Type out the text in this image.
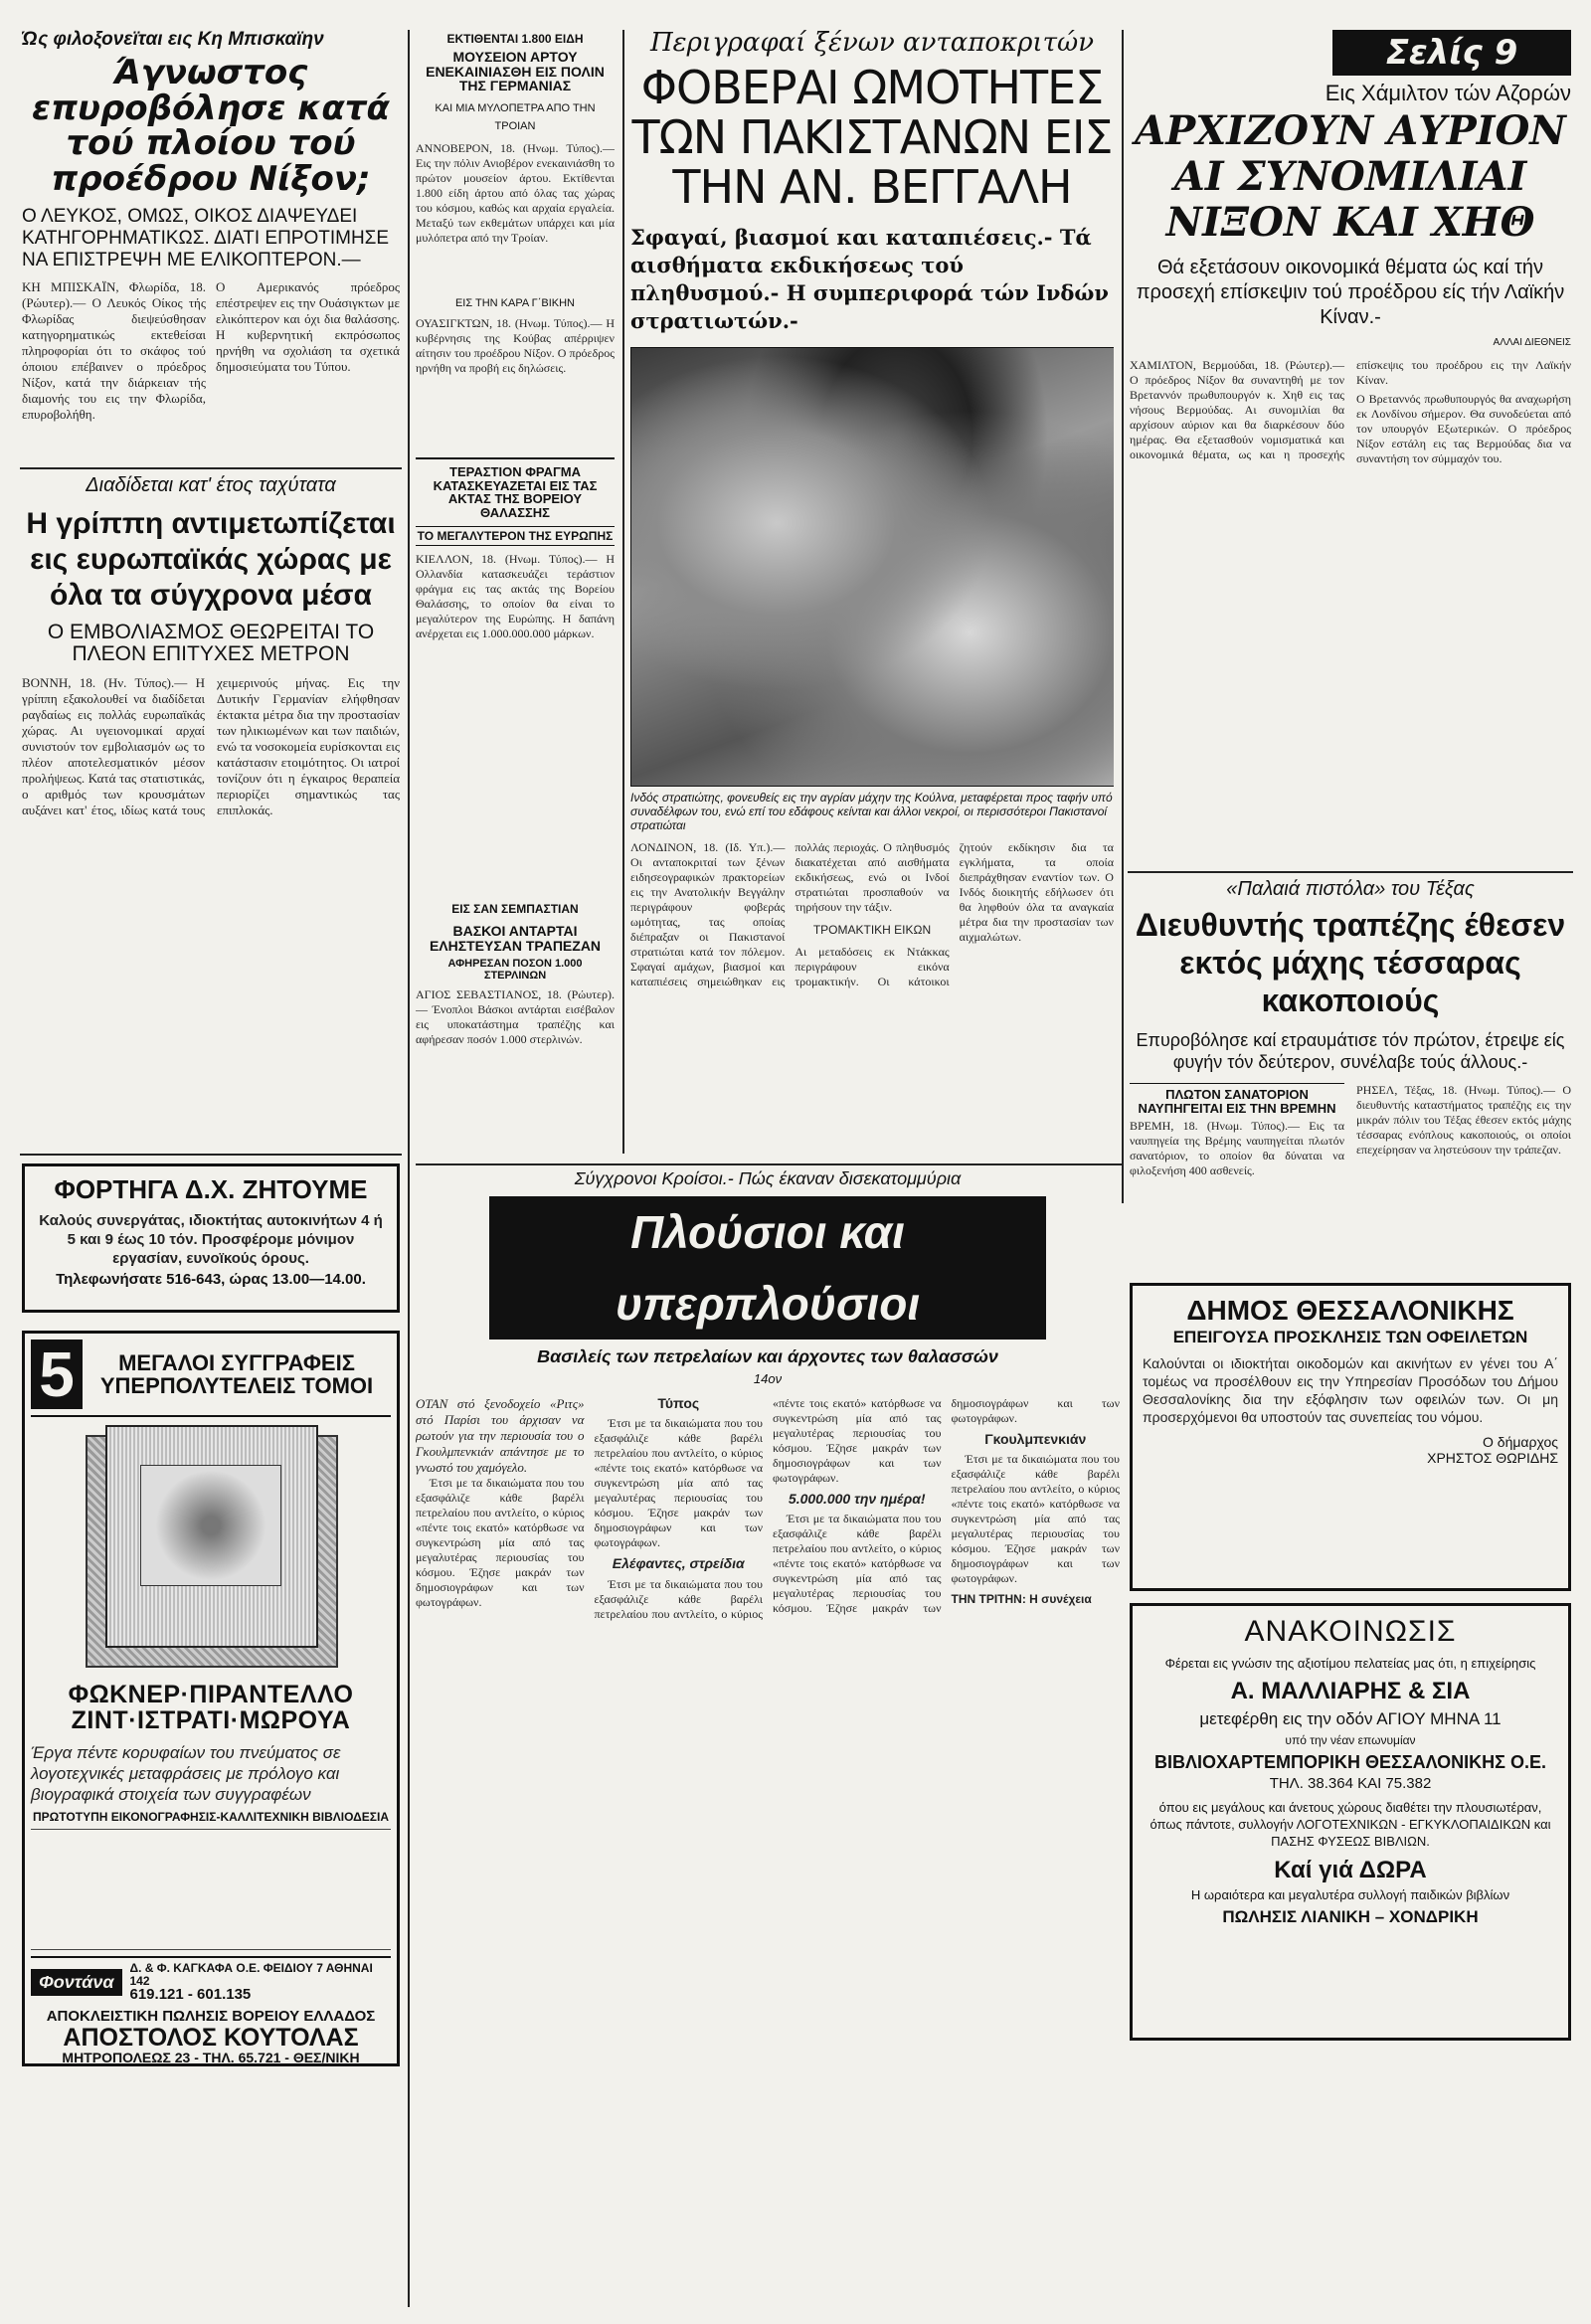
Ώς φιλοξονεϊται εις Κη Μπισκαϊην
Άγνωστος επυροβόλησε κατά τού πλοίου τού προέδρου Νίξον;
Ο ΛΕΥΚΟΣ, ΟΜΩΣ, ΟΙΚΟΣ ΔΙΑΨΕΥΔΕΙ ΚΑΤΗΓΟΡΗΜΑΤΙΚΩΣ. ΔΙΑΤΙ ΕΠΡΟΤΙΜΗΣΕ ΝΑ ΕΠΙΣΤΡΕΨΗ ΜΕ ΕΛΙΚΟΠΤΕΡΟΝ.—
ΚΗ ΜΠΙΣΚΑΪΝ, Φλωρίδα, 18. (Ρώυτερ).— Ο Λευκός Οίκος τής Φλωρίδας διεψεύσθησαν κατηγορηματικώς εκτεθείσαι πληροφορίαι ότι το σκάφος τού όποιου επέβαινεν ο πρόεδρος Νίξον, κατά την διάρκειαν τής διαμονής του εις την Φλωρίδα, επυροβολήθη.
Ο Αμερικανός πρόεδρος επέστρεψεν εις την Ουάσιγκτων με ελικόπτερον και όχι δια θαλάσσης. Η κυβερνητική εκπρόσωπος ηρνήθη να σχολιάση τα σχετικά δημοσιεύματα του Τύπου.
Διαδίδεται κατ' έτος ταχύτατα
Η γρίππη αντιμετωπίζεται εις ευρωπαϊκάς χώρας με όλα τα σύγχρονα μέσα
Ο ΕΜΒΟΛΙΑΣΜΟΣ ΘΕΩΡΕΙΤΑΙ ΤΟ ΠΛΕΟΝ ΕΠΙΤΥΧΕΣ ΜΕΤΡΟΝ
ΒΟΝΝΗ, 18. (Ην. Τύπος).— Η γρίππη εξακολουθεί να διαδίδεται ραγδαίως εις πολλάς ευρωπαϊκάς χώρας. Αι υγειονομικαί αρχαί συνιστούν τον εμβολιασμόν ως το πλέον αποτελεσματικόν μέσον προλήψεως. Κατά τας στατιστικάς, ο αριθμός των κρουσμάτων αυξάνει κατ' έτος, ιδίως κατά τους χειμερινούς μήνας. Εις την Δυτικήν Γερμανίαν ελήφθησαν έκτακτα μέτρα δια την προστασίαν των ηλικιωμένων και των παιδιών, ενώ τα νοσοκομεία ευρίσκονται εις κατάστασιν ετοιμότητος. Οι ιατροί τονίζουν ότι η έγκαιρος θεραπεία περιορίζει σημαντικώς τας επιπλοκάς.
ΦΟΡΤΗΓΑ Δ.Χ. ΖΗΤΟΥΜΕ
Καλούς συνεργάτας, ιδιοκτήτας αυτοκινήτων 4 ή 5 και 9 έως 10 τόν. Προσφέρομε μόνιμον εργασίαν, ευνοϊκούς όρους.
Τηλεφωνήσατε 516-643, ώρας 13.00—14.00.
5	ΜΕΓΑΛΟΙ ΣΥΓΓΡΑΦΕΙΣ ΥΠΕΡΠΟΛΥΤΕΛΕΙΣ ΤΟΜΟΙ
ΦΩΚΝΕΡ·ΠΙΡΑΝΤΕΛΛΟ ΖΙΝΤ·ΙΣΤΡΑΤΙ·ΜΩΡΟΥΑ
Έργα πέντε κορυφαίων του πνεύματος σε λογοτεχνικές μεταφράσεις με πρόλογο και βιογραφικά στοιχεία των συγγραφέων
ΠΡΩΤΟΤΥΠΗ ΕΙΚΟΝΟΓΡΑΦΗΣΙΣ-ΚΑΛΛΙΤΕΧΝΙΚΗ ΒΙΒΛΙΟΔΕΣΙΑ
Φοντάνα
Δ. & Φ. ΚΑΓΚΑΦΑ Ο.Ε. ΦΕΙΔΙΟΥ 7 ΑΘΗΝΑΙ 142
619.121 - 601.135
ΑΠΟΚΛΕΙΣΤΙΚΗ ΠΩΛΗΣΙΣ ΒΟΡΕΙΟΥ ΕΛΛΑΔΟΣ
ΑΠΟΣΤΟΛΟΣ ΚΟΥΤΟΛΑΣ
ΜΗΤΡΟΠΟΛΕΩΣ 23 - ΤΗΛ. 65.721 - ΘΕΣ/ΝΙΚΗ
ΕΚΤΙΘΕΝΤΑΙ 1.800 ΕΙΔΗ
ΜΟΥΣΕΙΟΝ ΑΡΤΟΥ ΕΝΕΚΑΙΝΙΑΣΘΗ ΕΙΣ ΠΟΛΙΝ ΤΗΣ ΓΕΡΜΑΝΙΑΣ
ΚΑΙ ΜΙΑ ΜΥΛΟΠΕΤΡΑ ΑΠΟ ΤΗΝ ΤΡΟΙΑΝ
ΑΝΝΟΒΕΡΟΝ, 18. (Ηνωμ. Τύπος).— Εις την πόλιν Ανιοβέρον ενεκαινιάσθη το πρώτον μουσείον άρτου. Εκτίθενται 1.800 είδη άρτου από όλας τας χώρας του κόσμου, καθώς και αρχαία εργαλεία. Μεταξύ των εκθεμάτων υπάρχει και μία μυλόπετρα από την Τροίαν.
ΕΙΣ ΤΗΝ ΚΑΡΑ Γ΄ΒΙΚΗΝ
ΟΥΑΣΙΓΚΤΩΝ, 18. (Ηνωμ. Τύπος).— Η κυβέρνησις της Κούβας απέρριψεν αίτησιν του προέδρου Νίξον. Ο πρόεδρος ηρνήθη να προβή εις δηλώσεις.
ΤΕΡΑΣΤΙΟΝ ΦΡΑΓΜΑ ΚΑΤΑΣΚΕΥΑΖΕΤΑΙ ΕΙΣ ΤΑΣ ΑΚΤΑΣ ΤΗΣ ΒΟΡΕΙΟΥ ΘΑΛΑΣΣΗΣ
ΤΟ ΜΕΓΑΛΥΤΕΡΟΝ ΤΗΣ ΕΥΡΩΠΗΣ
ΚΙΕΛΛΟΝ, 18. (Ηνωμ. Τύπος).— Η Ολλανδία κατασκευάζει τεράστιον φράγμα εις τας ακτάς της Βορείου Θαλάσσης, το οποίον θα είναι το μεγαλύτερον της Ευρώπης. Η δαπάνη ανέρχεται εις 1.000.000.000 μάρκων.
ΕΙΣ ΣΑΝ ΣΕΜΠΑΣΤΙΑΝ
ΒΑΣΚΟΙ ΑΝΤΑΡΤΑΙ ΕΛΗΣΤΕΥΣΑΝ ΤΡΑΠΕΖΑΝ
ΑΦΗΡΕΣΑΝ ΠΟΣΟΝ 1.000 ΣΤΕΡΛΙΝΩΝ
ΑΓΙΟΣ ΣΕΒΑΣΤΙΑΝΟΣ, 18. (Ρώυτερ).— Ένοπλοι Βάσκοι αντάρται εισέβαλον εις υποκατάστημα τραπέζης και αφήρεσαν ποσόν 1.000 στερλινών.
Περιγραφαί ξένων ανταποκριτών
ΦΟΒΕΡΑΙ ΩΜΟΤΗΤΕΣ ΤΩΝ ΠΑΚΙΣΤΑΝΩΝ ΕΙΣ ΤΗΝ ΑΝ. ΒΕΓΓΑΛΗ
Σφαγαί, βιασμοί και καταπιέσεις.- Τά αισθήματα εκδικήσεως τού πληθυσμού.- Η συμπεριφορά τών Ινδών στρατιωτών.-
Ινδός στρατιώτης, φονευθείς εις την αγρίαν μάχην της Κούλνα, μεταφέρεται προς ταφήν υπό συναδέλφων του, ενώ επί του εδάφους κείνται και άλλοι νεκροί, οι περισσότεροι Πακιστανοί στρατιώται
ΛΟΝΔΙΝΟΝ, 18. (Ιδ. Υπ.).— Οι ανταποκριταί των ξένων ειδησεογραφικών πρακτορείων εις την Ανατολικήν Βεγγάλην περιγράφουν φοβεράς ωμότητας, τας οποίας διέπραξαν οι Πακιστανοί στρατιώται κατά τον πόλεμον. Σφαγαί αμάχων, βιασμοί και καταπιέσεις σημειώθηκαν εις πολλάς περιοχάς. Ο πληθυσμός διακατέχεται από αισθήματα εκδικήσεως, ενώ οι Ινδοί στρατιώται προσπαθούν να τηρήσουν την τάξιν.
ΤΡΟΜΑΚΤΙΚΗ ΕΙΚΩΝ
Αι μεταδόσεις εκ Ντάκκας περιγράφουν εικόνα τρομακτικήν. Οι κάτοικοι ζητούν εκδίκησιν δια τα εγκλήματα, τα οποία διεπράχθησαν εναντίον των. Ο Ινδός διοικητής εδήλωσεν ότι θα ληφθούν όλα τα αναγκαία μέτρα δια την προστασίαν των αιχμαλώτων.
Σελίς 9
Εις Χάμιλτον τών Αζορών
ΑΡΧΙΖΟΥΝ ΑΥΡΙΟΝ ΑΙ ΣΥΝΟΜΙΛΙΑΙ ΝΙΞΟΝ ΚΑΙ ΧΗΘ
Θά εξετάσουν οικονομικά θέματα ώς καί τήν προσεχή επίσκεψιν τού προέδρου είς τήν Λαϊκήν Κίναν.-
ΑΛΛΑΙ ΔΙΕΘΝΕΙΣ
ΧΑΜΙΛΤΟΝ, Βερμούδαι, 18. (Ρώυτερ).— Ο πρόεδρος Νίξον θα συναντηθή με τον Βρεταννόν πρωθυπουργόν κ. Χηθ εις τας νήσους Βερμούδας. Αι συνομιλίαι θα αρχίσουν αύριον και θα διαρκέσουν δύο ημέρας. Θα εξετασθούν νομισματικά και οικονομικά θέματα, ως και η προσεχής επίσκεψις του προέδρου εις την Λαϊκήν Κίναν.

Ο Βρεταννός πρωθυπουργός θα αναχωρήση εκ Λονδίνου σήμερον. Θα συνοδεύεται από τον υπουργόν Εξωτερικών. Ο πρόεδρος Νίξον εστάλη εις τας Βερμούδας δια να συναντήση τον σύμμαχόν του.
«Παλαιά πιστόλα» του Τέξας
Διευθυντής τραπέζης έθεσεν εκτός μάχης τέσσαρας κακοποιούς
Επυροβόλησε καί ετραυμάτισε τόν πρώτον, έτρεψε είς φυγήν τόν δεύτερον, συνέλαβε τούς άλλους.-
ΠΛΩΤΟΝ ΣΑΝΑΤΟΡΙΟΝ ΝΑΥΠΗΓΕΙΤΑΙ ΕΙΣ ΤΗΝ ΒΡΕΜΗΝ
ΒΡΕΜΗ, 18. (Ηνωμ. Τύπος).— Εις τα ναυπηγεία της Βρέμης ναυπηγείται πλωτόν σανατόριον, το οποίον θα δύναται να φιλοξενήση 400 ασθενείς.
ΡΗΣΕΛ, Τέξας, 18. (Ηνωμ. Τύπος).— Ο διευθυντής καταστήματος τραπέζης εις την μικράν πόλιν του Τέξας έθεσεν εκτός μάχης τέσσαρας ενόπλους κακοποιούς, οι οποίοι επεχείρησαν να ληστεύσουν την τράπεζαν.
ΔΗΜΟΣ ΘΕΣΣΑΛΟΝΙΚΗΣ
ΕΠΕΙΓΟΥΣΑ ΠΡΟΣΚΛΗΣΙΣ ΤΩΝ ΟΦΕΙΛΕΤΩΝ
Καλούνται οι ιδιοκτήται οικοδομών και ακινήτων εν γένει του Α΄ τομέως να προσέλθουν εις την Υπηρεσίαν Προσόδων του Δήμου Θεσσαλονίκης δια την εξόφλησιν των οφειλών των. Οι μη προσερχόμενοι θα υποστούν τας συνεπείας του νόμου.
Ο δήμαρχος
ΧΡΗΣΤΟΣ ΘΩΡΙΔΗΣ
ΑΝΑΚΟΙΝΩΣΙΣ
Φέρεται εις γνώσιν της αξιοτίμου πελατείας μας ότι, η επιχείρησις
Α. ΜΑΛΛΙΑΡΗΣ & ΣΙΑ
μετεφέρθη εις την οδόν ΑΓΙΟΥ ΜΗΝΑ 11
υπό την νέαν επωνυμίαν
ΒΙΒΛΙΟΧΑΡΤΕΜΠΟΡΙΚΗ ΘΕΣΣΑΛΟΝΙΚΗΣ Ο.Ε.
ΤΗΛ. 38.364 ΚΑΙ 75.382
όπου εις μεγάλους και άνετους χώρους διαθέτει την πλουσιωτέραν, όπως πάντοτε, συλλογήν ΛΟΓΟΤΕΧΝΙΚΩΝ - ΕΓΚΥΚΛΟΠΑΙΔΙΚΩΝ και ΠΑΣΗΣ ΦΥΣΕΩΣ ΒΙΒΛΙΩΝ.
Καί γιά ΔΩΡΑ
Η ωραιότερα και μεγαλυτέρα συλλογή παιδικών βιβλίων
ΠΩΛΗΣΙΣ ΛΙΑΝΙΚΗ – ΧΟΝΔΡΙΚΗ
Σύγχρονοι Κροίσοι.- Πώς έκαναν δισεκατομμύρια
Πλούσιοι και υπερπλούσιοι
Βασιλείς των πετρελαίων και άρχοντες των θαλασσών
14ον
ΟΤΑΝ στό ξενοδοχείο «Ριτς» στό Παρίσι του άρχισαν να ρωτούν για την περιουσία του ο Γκουλμπενκιάν απάντησε με το γνωστό του χαμόγελο.

Έτσι με τα δικαιώματα που του εξασφάλιζε κάθε βαρέλι πετρελαίου που αντλείτο, ο κύριος «πέντε τοις εκατό» κατόρθωσε να συγκεντρώση μία από τας μεγαλυτέρας περιουσίας του κόσμου. Έζησε μακράν των δημοσιογράφων και των φωτογράφων.

Τύπος

Έτσι με τα δικαιώματα που του εξασφάλιζε κάθε βαρέλι πετρελαίου που αντλείτο, ο κύριος «πέντε τοις εκατό» κατόρθωσε να συγκεντρώση μία από τας μεγαλυτέρας περιουσίας του κόσμου. Έζησε μακράν των δημοσιογράφων και των φωτογράφων.

Ελέφαντες, στρείδια

Έτσι με τα δικαιώματα που του εξασφάλιζε κάθε βαρέλι πετρελαίου που αντλείτο, ο κύριος «πέντε τοις εκατό» κατόρθωσε να συγκεντρώση μία από τας μεγαλυτέρας περιουσίας του κόσμου. Έζησε μακράν των δημοσιογράφων και των φωτογράφων.

5.000.000 την ημέρα!

Έτσι με τα δικαιώματα που του εξασφάλιζε κάθε βαρέλι πετρελαίου που αντλείτο, ο κύριος «πέντε τοις εκατό» κατόρθωσε να συγκεντρώση μία από τας μεγαλυτέρας περιουσίας του κόσμου. Έζησε μακράν των δημοσιογράφων και των φωτογράφων.

Γκουλμπενκιάν

Έτσι με τα δικαιώματα που του εξασφάλιζε κάθε βαρέλι πετρελαίου που αντλείτο, ο κύριος «πέντε τοις εκατό» κατόρθωσε να συγκεντρώση μία από τας μεγαλυτέρας περιουσίας του κόσμου. Έζησε μακράν των δημοσιογράφων και των φωτογράφων.

ΤΗΝ ΤΡΙΤΗΝ: Η συνέχεια
